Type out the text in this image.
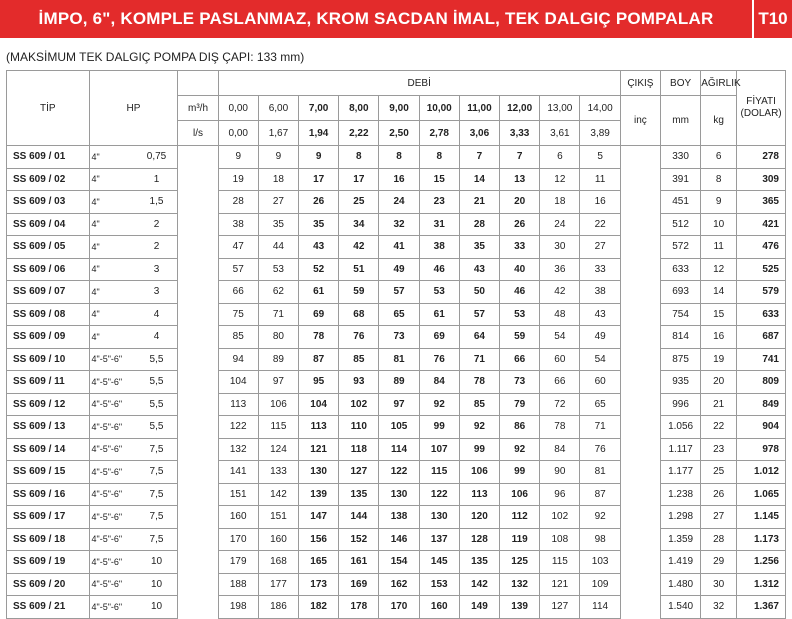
İMPO, 6", KOMPLE PASLANMAZ, KROM SACDAN İMAL, TEK DALGIÇ POMPALAR	T10
(MAKSİMUM TEK DALGIÇ POMPA DIŞ ÇAPI: 133 mm)
TİP	HP			DEBİ										ÇIKIŞ	BOY	AĞIRLIK	FİYATI
(DOLAR)
			m³/h	0,00	6,00	7,00	8,00	9,00	10,00	11,00	12,00	13,00	14,00	inç	mm	kg	
			l/s	0,00	1,67	1,94	2,22	2,50	2,78	3,06	3,33	3,61	3,89				
SS 609 / 01	4"	0,75		9	9	9	8	8	8	7	7	6	5		330	6	278
SS 609 / 02	4"	1		19	18	17	17	16	15	14	13	12	11		391	8	309
SS 609 / 03	4"	1,5		28	27	26	25	24	23	21	20	18	16		451	9	365
SS 609 / 04	4"	2		38	35	35	34	32	31	28	26	24	22		512	10	421
SS 609 / 05	4"	2		47	44	43	42	41	38	35	33	30	27		572	11	476
SS 609 / 06	4"	3		57	53	52	51	49	46	43	40	36	33		633	12	525
SS 609 / 07	4"	3		66	62	61	59	57	53	50	46	42	38		693	14	579
SS 609 / 08	4"	4		75	71	69	68	65	61	57	53	48	43		754	15	633
SS 609 / 09	4"	4		85	80	78	76	73	69	64	59	54	49		814	16	687
SS 609 / 10	4"-5"-6"	5,5		94	89	87	85	81	76	71	66	60	54		875	19	741
SS 609 / 11	4"-5"-6"	5,5		104	97	95	93	89	84	78	73	66	60		935	20	809
SS 609 / 12	4"-5"-6"	5,5		113	106	104	102	97	92	85	79	72	65		996	21	849
SS 609 / 13	4"-5"-6"	5,5		122	115	113	110	105	99	92	86	78	71		1.056	22	904
SS 609 / 14	4"-5"-6"	7,5		132	124	121	118	114	107	99	92	84	76		1.117	23	978
SS 609 / 15	4"-5"-6"	7,5		141	133	130	127	122	115	106	99	90	81		1.177	25	1.012
SS 609 / 16	4"-5"-6"	7,5		151	142	139	135	130	122	113	106	96	87		1.238	26	1.065
SS 609 / 17	4"-5"-6"	7,5		160	151	147	144	138	130	120	112	102	92		1.298	27	1.145
SS 609 / 18	4"-5"-6"	7,5		170	160	156	152	146	137	128	119	108	98		1.359	28	1.173
SS 609 / 19	4"-5"-6"	10		179	168	165	161	154	145	135	125	115	103		1.419	29	1.256
SS 609 / 20	4"-5"-6"	10		188	177	173	169	162	153	142	132	121	109		1.480	30	1.312
SS 609 / 21	4"-5"-6"	10		198	186	182	178	170	160	149	139	127	114		1.540	32	1.367
